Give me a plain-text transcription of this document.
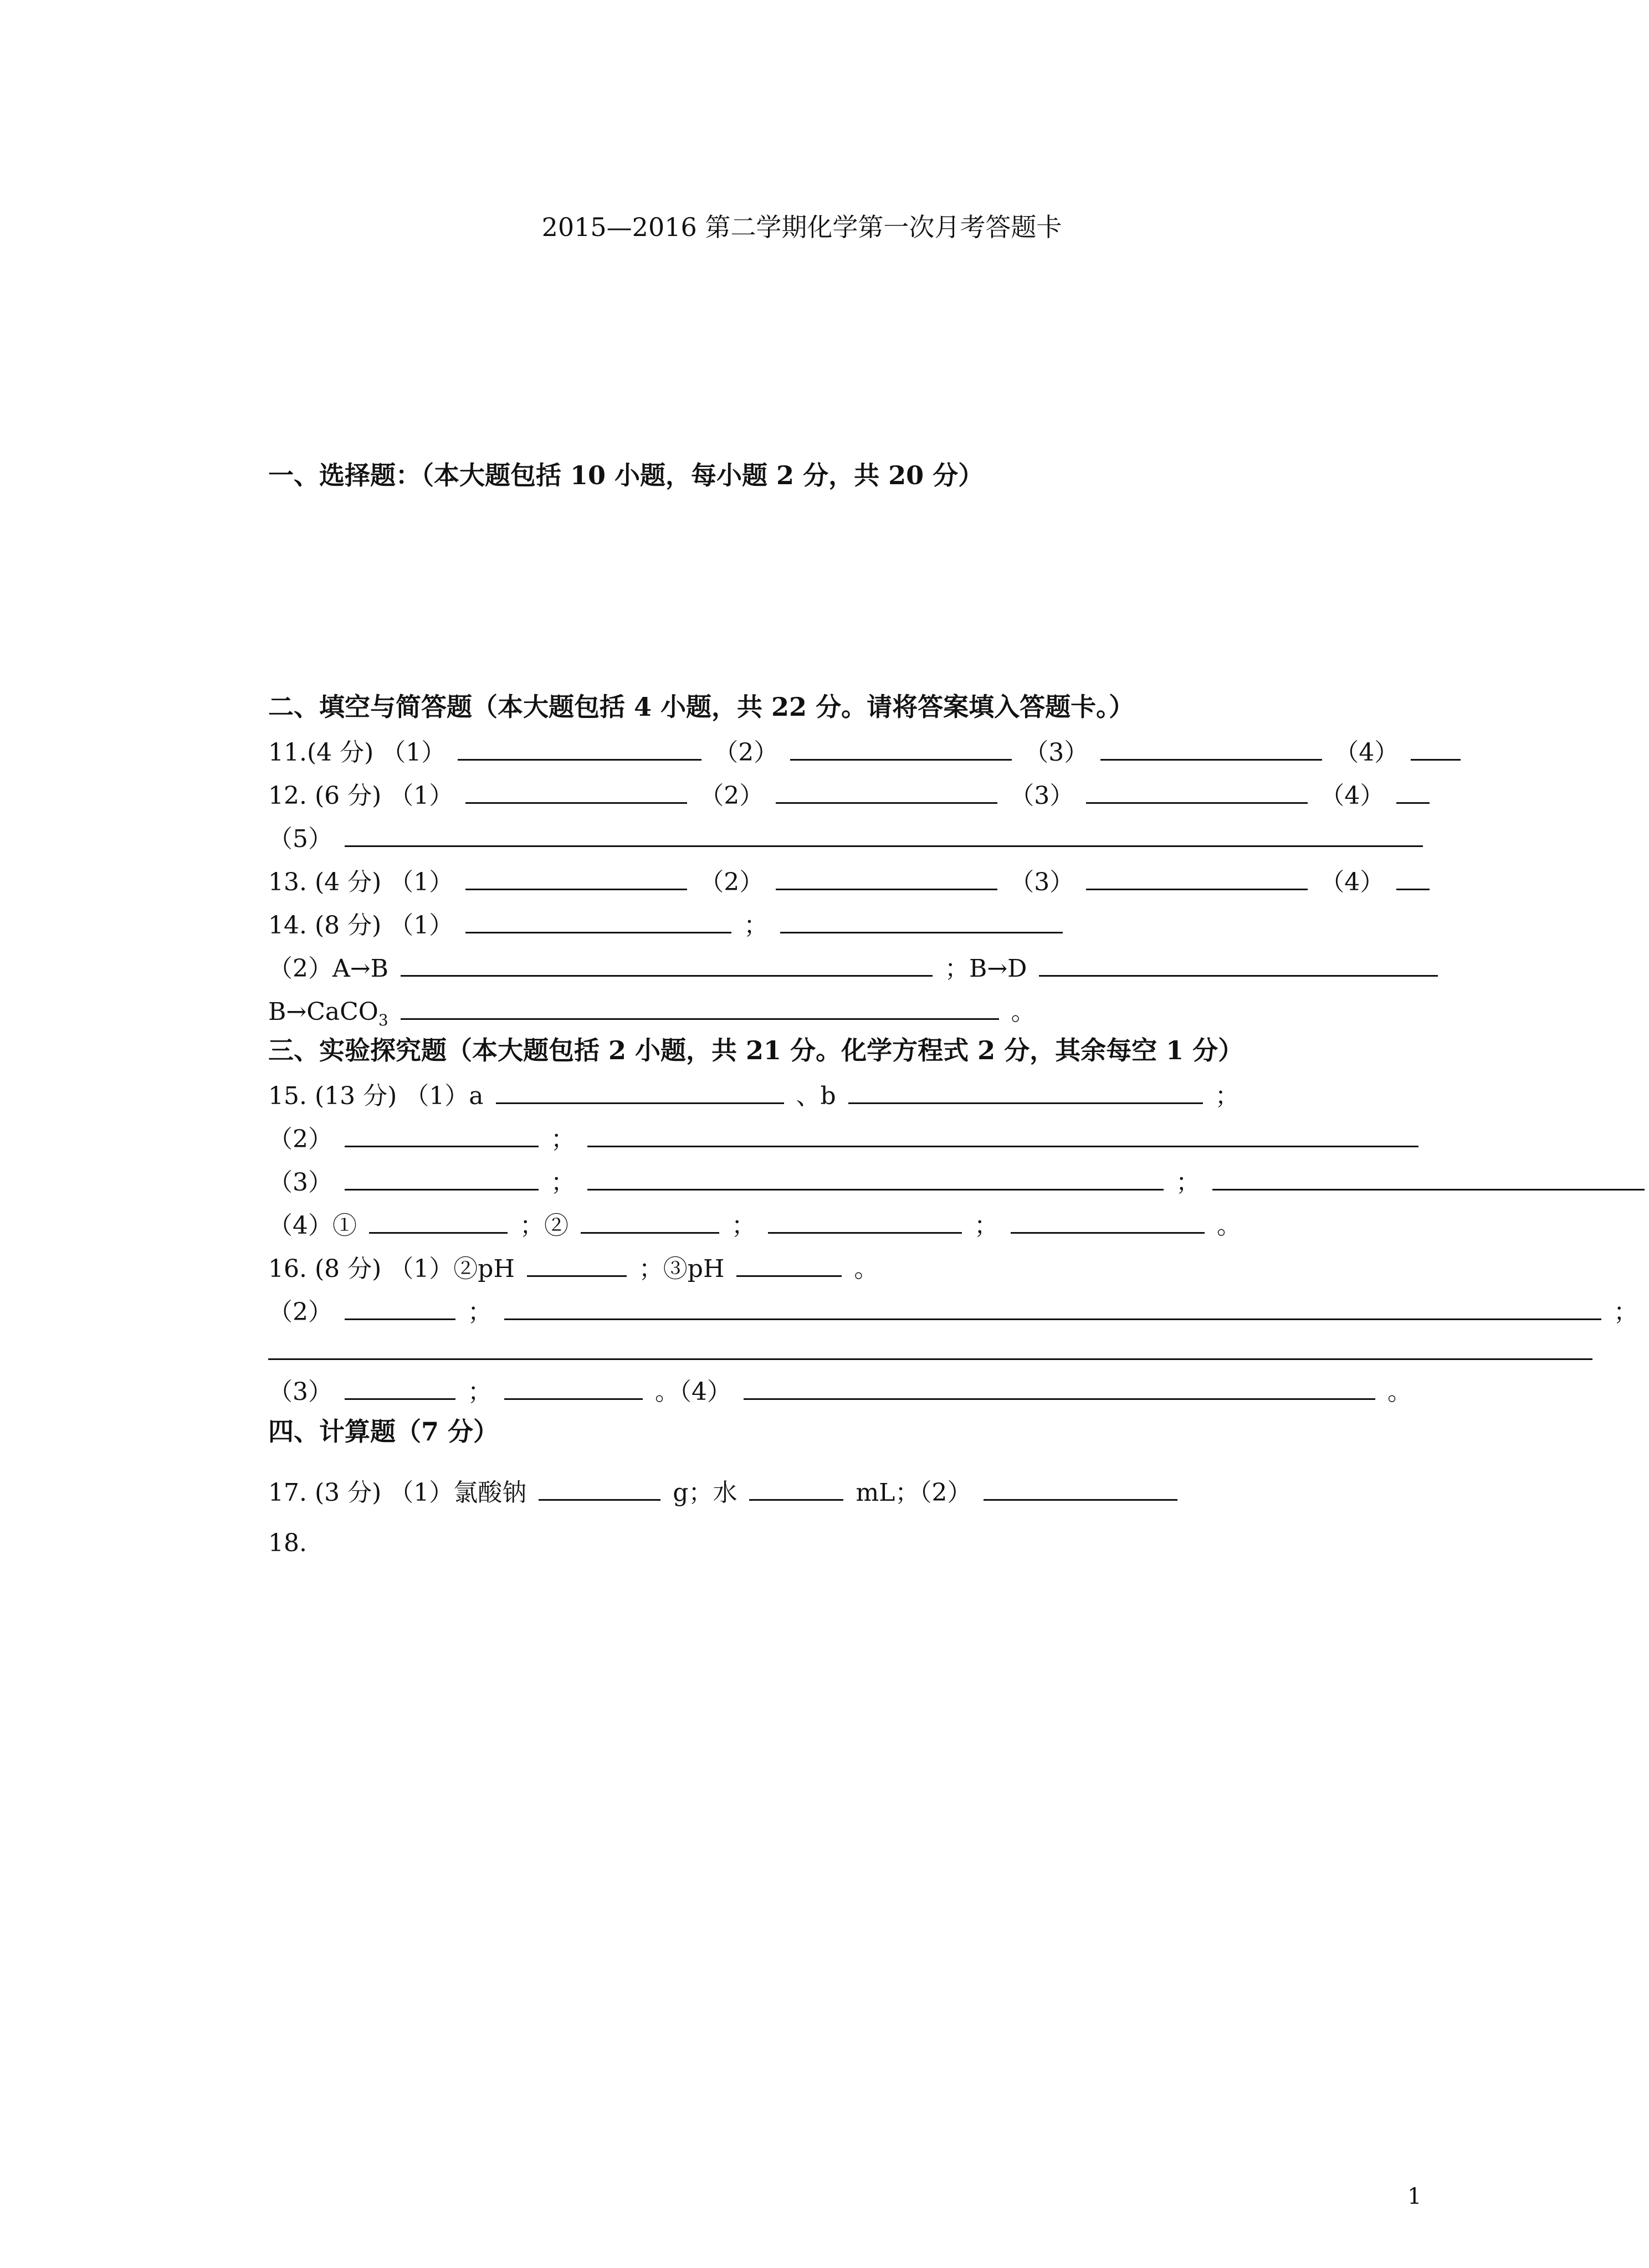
2015—2016 第二学期化学第一次月考答题卡
一、选择题：（本大题包括 10 小题，每小题 2 分，共 20 分）
二、填空与简答题（本大题包括 4 小题，共 22 分。请将答案填入答题卡。）
11.(4 分) （1）	（2）	（3）	（4）
12. (6 分) （1）	（2）	（3）	（4）
（5）
13. (4 分) （1）	（2）	（3）	（4）
14. (8 分) （1）	；
（2）A→B	；B→D
B→CaCO$_3$	。
三、实验探究题（本大题包括 2 小题，共 21 分。化学方程式 2 分，其余每空 1 分）
15. (13 分) （1）a	、b	；
（2）	；
（3）	；	；
（4）①	；②	；	；	。
16. (8 分) （1）②pH	；③pH	。
（2）	；	；
（3）	；	。（4）	。
四、计算题（7 分）
17. (3 分) （1）氯酸钠	g；水	mL；（2）
18.
1
